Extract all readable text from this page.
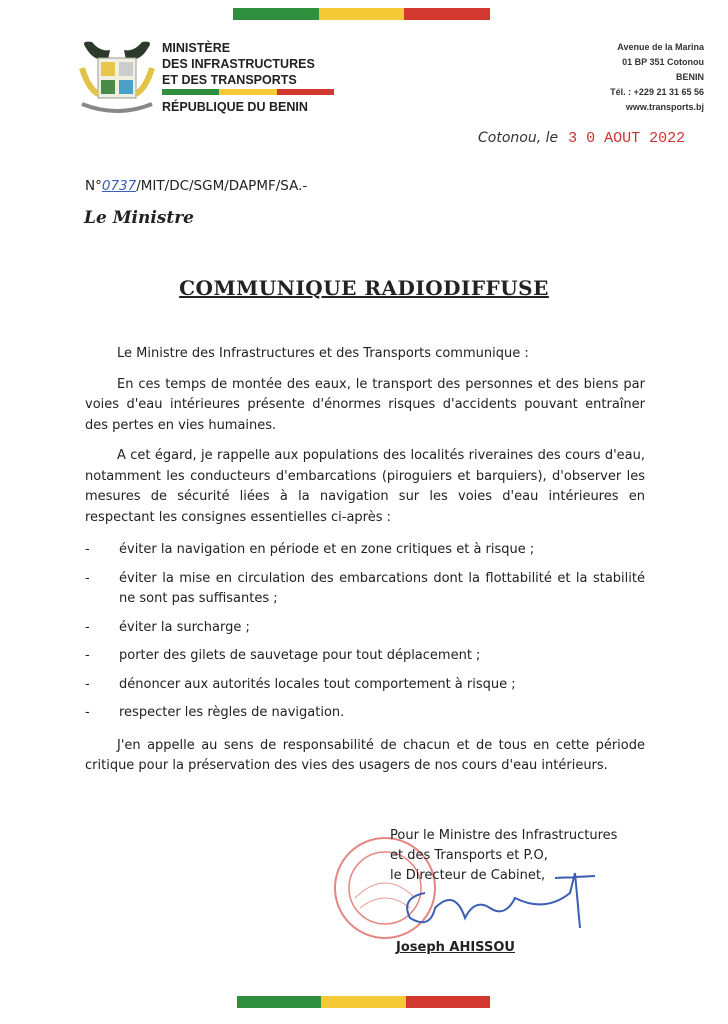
MINISTÈRE
DES INFRASTRUCTURES
ET DES TRANSPORTS
RÉPUBLIQUE DU BENIN
Avenue de la Marina
01 BP 351 Cotonou
BENIN
Tél. : +229 21 31 65 56
www.transports.bj
Cotonou, le 3 0 AOUT 2022
N°0737/MIT/DC/SGM/DAPMF/SA.-
Le Ministre
COMMUNIQUE RADIODIFFUSE

Le Ministre des Infrastructures et des Transports communique :

En ces temps de montée des eaux, le transport des personnes et des biens par voies d'eau intérieures présente d'énormes risques d'accidents pouvant entraîner des pertes en vies humaines.

A cet égard, je rappelle aux populations des localités riveraines des cours d'eau, notamment les conducteurs d'embarcations (piroguiers et barquiers), d'observer les mesures de sécurité liées à la navigation sur les voies d'eau intérieures en respectant les consignes essentielles ci-après :

- éviter la navigation en période et en zone critiques et à risque ;
- éviter la mise en circulation des embarcations dont la flottabilité et la stabilité ne sont pas suffisantes ;
- éviter la surcharge ;
- porter des gilets de sauvetage pour tout déplacement ;
- dénoncer aux autorités locales tout comportement à risque ;
- respecter les règles de navigation.

J'en appelle au sens de responsabilité de chacun et de tous en cette période critique pour la préservation des vies des usagers de nos cours d'eau intérieurs.

Pour le Ministre des Infrastructures
et des Transports et P.O,
le Directeur de Cabinet,
Joseph AHISSOU
